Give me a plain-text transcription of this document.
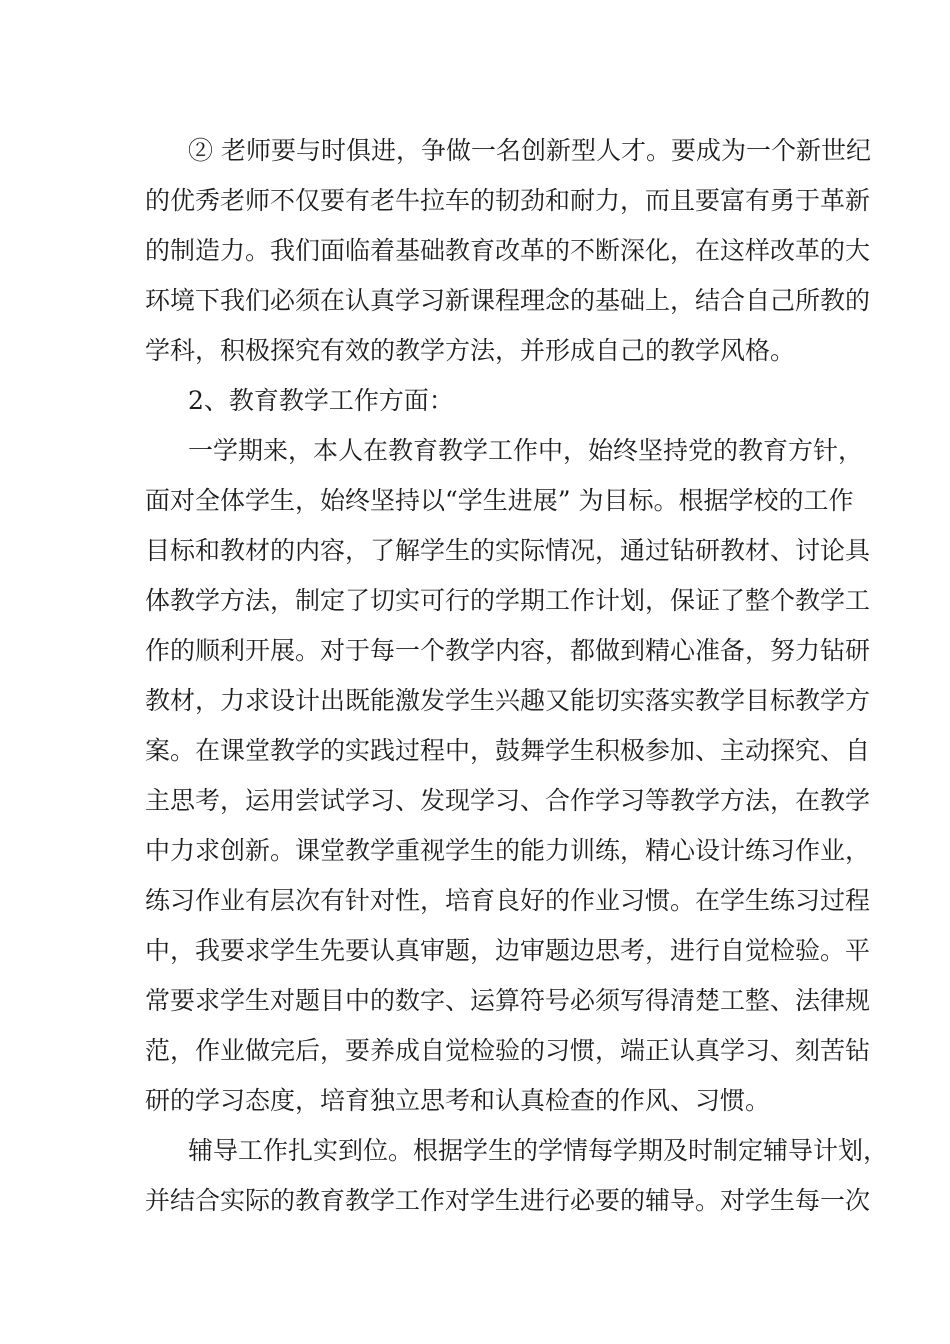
② 老师要与时俱进，争做一名创新型人才。要成为一个新世纪
的优秀老师不仅要有老牛拉车的韧劲和耐力，而且要富有勇于革新
的制造力。我们面临着基础教育改革的不断深化，在这样改革的大
环境下我们必须在认真学习新课程理念的基础上，结合自己所教的
学科，积极探究有效的教学方法，并形成自己的教学风格。
2、教育教学工作方面：
一学期来，本人在教育教学工作中，始终坚持党的教育方针，
面对全体学生，始终坚持以“学生进展” 为目标。根据学校的工作
目标和教材的内容，了解学生的实际情况，通过钻研教材、讨论具
体教学方法，制定了切实可行的学期工作计划，保证了整个教学工
作的顺利开展。对于每一个教学内容，都做到精心准备，努力钻研
教材，力求设计出既能激发学生兴趣又能切实落实教学目标教学方
案。在课堂教学的实践过程中，鼓舞学生积极参加、主动探究、自
主思考，运用尝试学习、发现学习、合作学习等教学方法，在教学
中力求创新。课堂教学重视学生的能力训练，精心设计练习作业，
练习作业有层次有针对性，培育良好的作业习惯。在学生练习过程
中，我要求学生先要认真审题，边审题边思考，进行自觉检验。平
常要求学生对题目中的数字、运算符号必须写得清楚工整、法律规
范，作业做完后，要养成自觉检验的习惯，端正认真学习、刻苦钻
研的学习态度，培育独立思考和认真检查的作风、习惯。
辅导工作扎实到位。根据学生的学情每学期及时制定辅导计划，
并结合实际的教育教学工作对学生进行必要的辅导。对学生每一次
